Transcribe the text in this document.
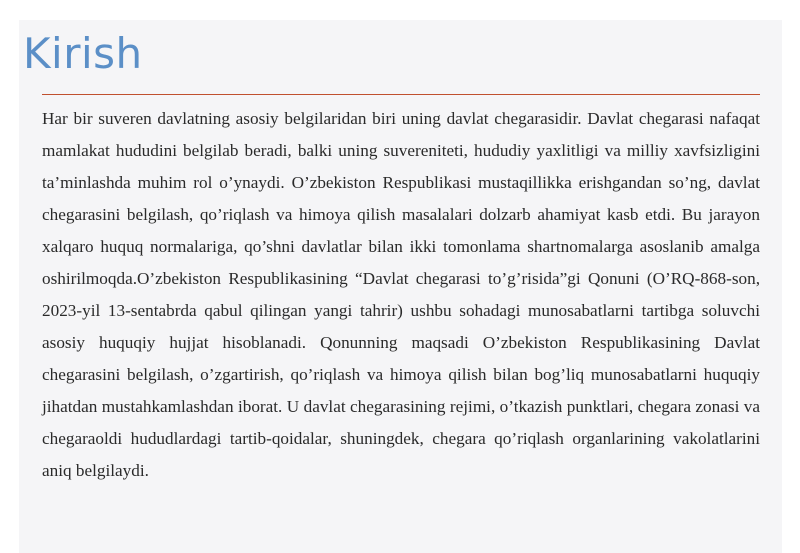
Kirish

Har bir suveren davlatning asosiy belgilaridan biri uning davlat chegarasidir. Davlat chegarasi nafaqat mamlakat hududini belgilab beradi, balki uning suvereniteti, hududiy yaxlitligi va milliy xavfsizligini ta’minlashda muhim rol o’ynaydi. O’zbekiston Respublikasi mustaqillikka erishgandan so’ng, davlat chegarasini belgilash, qo’riqlash va himoya qilish masalalari dolzarb ahamiyat kasb etdi. Bu jarayon xalqaro huquq normalariga, qo’shni davlatlar bilan ikki tomonlama shartnomalarga asoslanib amalga oshirilmoqda.O’zbekiston Respublikasining “Davlat chegarasi to’g’risida”gi Qonuni (O’RQ-868-son, 2023-yil 13-sentabrda qabul qilingan yangi tahrir) ushbu sohadagi munosabatlarni tartibga soluvchi asosiy huquqiy hujjat hisoblanadi. Qonunning maqsadi O’zbekiston Respublikasining Davlat chegarasini belgilash, o’zgartirish, qo’riqlash va himoya qilish bilan bog’liq munosabatlarni huquqiy jihatdan mustahkamlashdan iborat. U davlat chegarasining rejimi, o’tkazish punktlari, chegara zonasi va chegaraoldi hududlardagi tartib-qoidalar, shuningdek, chegara qo’riqlash organlarining vakolatlarini aniq belgilaydi.
